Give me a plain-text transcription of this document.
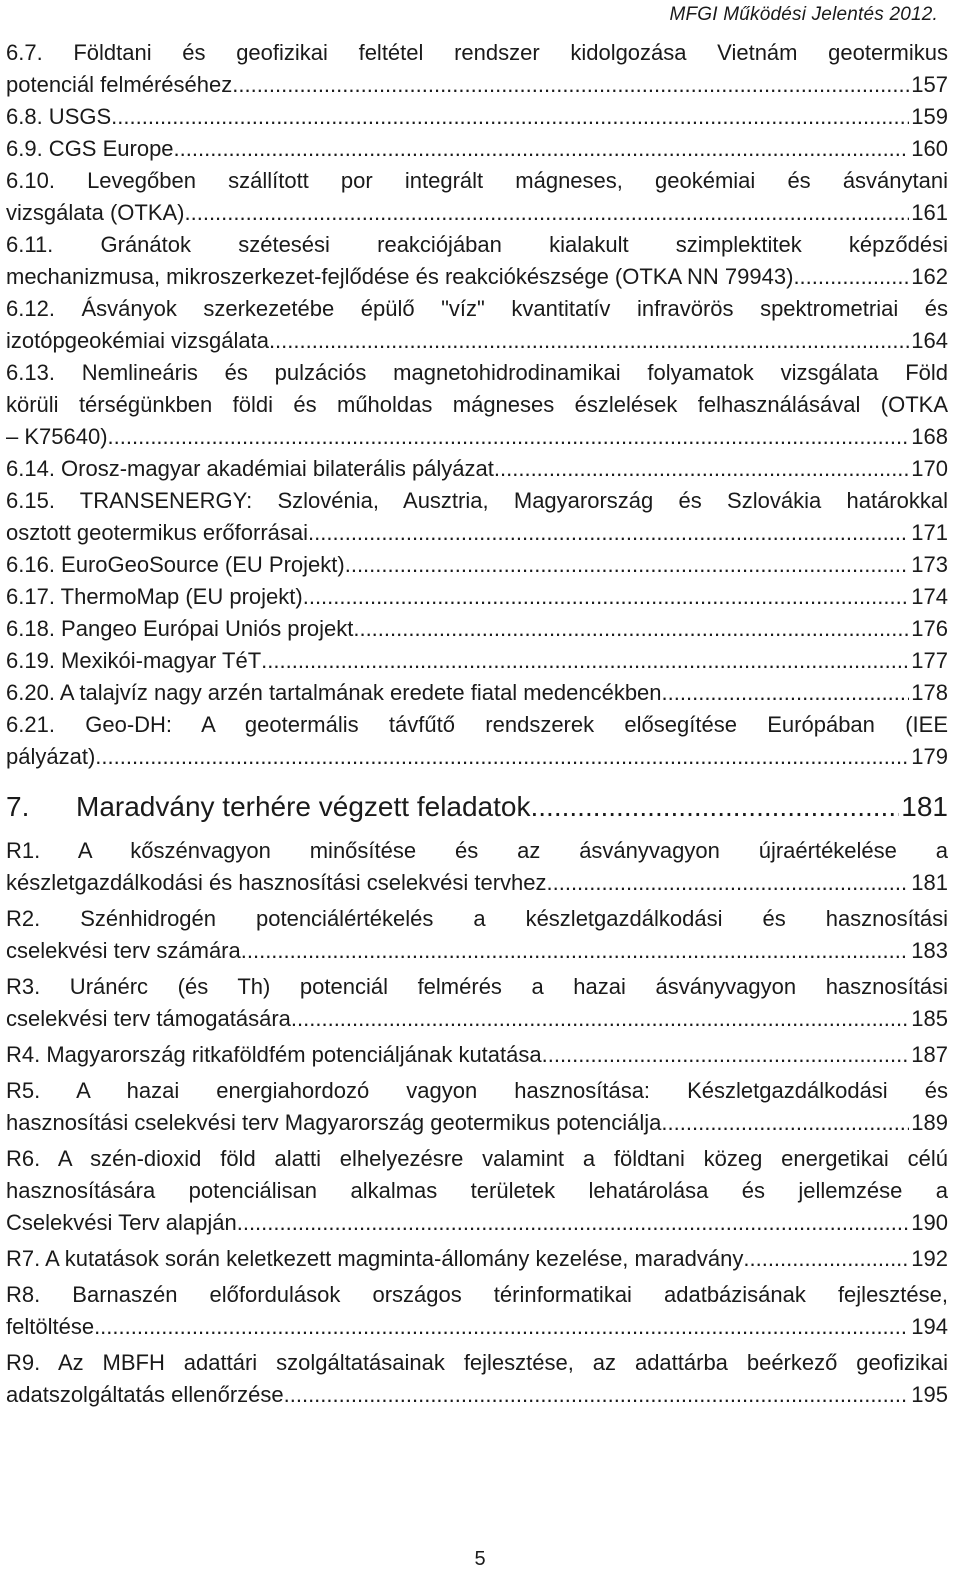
MFGI Működési Jelentés 2012.
6.7. Földtani és geofizikai feltétel rendszer kidolgozása Vietnám geotermikus
potenciál felméréséhez .....	157
6.8. USGS .....	159
6.9. CGS Europe .....	160
6.10. Levegőben szállított por integrált mágneses, geokémiai és ásványtani
vizsgálata (OTKA) .....	161
6.11. Gránátok szétesési reakciójában kialakult szimplektitek képződési
mechanizmusa, mikroszerkezet-fejlődése és reakciókészsége (OTKA NN 79943) .....	162
6.12. Ásványok szerkezetébe épülő "víz" kvantitatív infravörös spektrometriai és
izotópgeokémiai vizsgálata .....	164
6.13. Nemlineáris és pulzációs magnetohidrodinamikai folyamatok vizsgálata Föld
körüli térségünkben földi és műholdas mágneses észlelések felhasználásával (OTKA
– K75640) .....	168
6.14. Orosz-magyar akadémiai bilaterális pályázat .....	170
6.15. TRANSENERGY: Szlovénia, Ausztria, Magyarország és Szlovákia határokkal
osztott geotermikus erőforrásai .....	171
6.16. EuroGeoSource (EU Projekt) .....	173
6.17. ThermoMap (EU projekt) .....	174
6.18. Pangeo Európai Uniós projekt .....	176
6.19. Mexikói-magyar TéT .....	177
6.20. A talajvíz nagy arzén tartalmának eredete fiatal medencékben .....	178
6.21. Geo-DH: A geotermális távfűtő rendszerek elősegítése Európában (IEE
pályázat) .....	179
7. Maradvány terhére végzett feladatok .....	181
R1. A kőszénvagyon minősítése és az ásványvagyon újraértékelése a
készletgazdálkodási és hasznosítási cselekvési tervhez .....	181
R2. Szénhidrogén potenciálértékelés a készletgazdálkodási és hasznosítási
cselekvési terv számára .....	183
R3. Uránérc (és Th) potenciál felmérés a hazai ásványvagyon hasznosítási
cselekvési terv támogatására .....	185
R4. Magyarország ritkaföldfém potenciáljának kutatása .....	187
R5. A hazai energiahordozó vagyon hasznosítása: Készletgazdálkodási és
hasznosítási cselekvési terv Magyarország geotermikus potenciálja .....	189
R6. A szén-dioxid föld alatti elhelyezésre valamint a földtani közeg energetikai célú
hasznosítására potenciálisan alkalmas területek lehatárolása és jellemzése a
Cselekvési Terv alapján .....	190
R7. A kutatások során keletkezett magminta-állomány kezelése, maradvány .....	192
R8. Barnaszén előfordulások országos térinformatikai adatbázisának fejlesztése,
feltöltése .....	194
R9. Az MBFH adattári szolgáltatásainak fejlesztése, az adattárba beérkező geofizikai
adatszolgáltatás ellenőrzése .....	195
5
